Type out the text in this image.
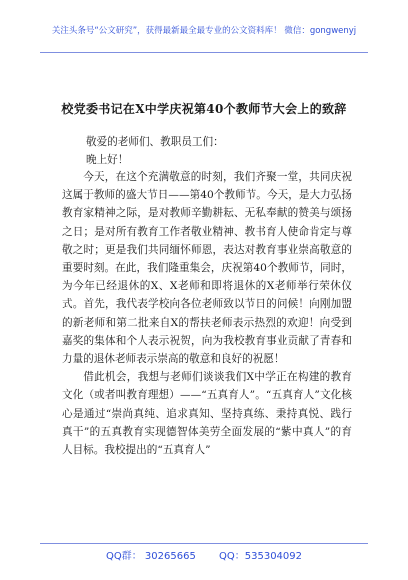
关注头条号“公文研究”，获得最新最全最专业的公文资料库！ 微信：gongwenyj
校党委书记在X中学庆祝第40个教师节大会上的致辞
敬爱的老师们、教职员工们：
晚上好！

今天，在这个充满敬意的时刻，我们齐聚一堂，共同庆祝这属于教师的盛大节日——第40个教师节。今天，是大力弘扬教育家精神之际，是对教师辛勤耕耘、无私奉献的赞美与颂扬之日；是对所有教育工作者敬业精神、教书育人使命肯定与尊敬之时；更是我们共同缅怀师恩，表达对教育事业崇高敬意的重要时刻。在此，我们隆重集会，庆祝第40个教师节，同时，为今年已经退休的X、X老师和即将退休的X老师举行荣休仪式。首先，我代表学校向各位老师致以节日的问候！向刚加盟的新老师和第二批来自X的帮扶老师表示热烈的欢迎！向受到嘉奖的集体和个人表示祝贺，向为我校教育事业贡献了青春和力量的退休老师表示崇高的敬意和良好的祝愿！

借此机会，我想与老师们谈谈我们X中学正在构建的教育文化（或者叫教育理想）——“五真育人”。“五真育人”文化核心是通过“崇尚真纯、追求真知、坚持真练、秉持真悦、践行真干”的五真教育实现德智体美劳全面发展的“紫中真人”的育人目标。我校提出的“五真育人”

QQ群： 30265665 QQ：535304092
